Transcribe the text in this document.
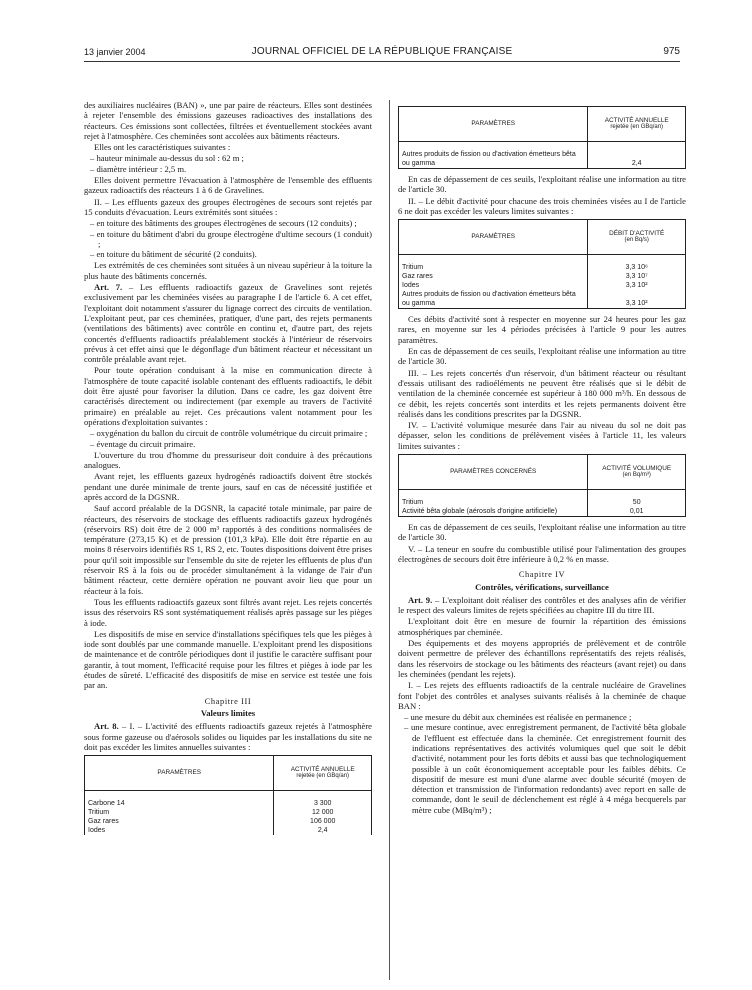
13 janvier 2004	JOURNAL OFFICIEL DE LA RÉPUBLIQUE FRANÇAISE	975

des auxiliaires nucléaires (BAN) », une par paire de réacteurs. Elles sont destinées à rejeter l'ensemble des émissions gazeuses radioactives des installations des réacteurs. Ces émissions sont collectées, filtrées et éventuellement stockées avant rejet à l'atmosphère. Ces cheminées sont accolées aux bâtiments réacteurs.

Elles ont les caractéristiques suivantes :

– hauteur minimale au-dessus du sol : 62 m ;
– diamètre intérieur : 2,5 m.

Elles doivent permettre l'évacuation à l'atmosphère de l'ensemble des effluents gazeux radioactifs des réacteurs 1 à 6 de Gravelines.

II. – Les effluents gazeux des groupes électrogènes de secours sont rejetés par 15 conduits d'évacuation. Leurs extrémités sont situées :

– en toiture des bâtiments des groupes électrogènes de secours (12 conduits) ;
– en toiture du bâtiment d'abri du groupe électrogène d'ultime secours (1 conduit) ;
– en toiture du bâtiment de sécurité (2 conduits).

Les extrémités de ces cheminées sont situées à un niveau supérieur à la toiture la plus haute des bâtiments concernés.

Art. 7. – Les effluents radioactifs gazeux de Gravelines sont rejetés exclusivement par les cheminées visées au paragraphe I de l'article 6. A cet effet, l'exploitant doit notamment s'assurer du lignage correct des circuits de ventilation. L'exploitant peut, par ces cheminées, pratiquer, d'une part, des rejets permanents (ventilations des bâtiments) avec contrôle en continu et, d'autre part, des rejets concertés d'effluents radioactifs préalablement stockés à l'intérieur de réservoirs prévus à cet effet ainsi que le dégonflage d'un bâtiment réacteur et nécessitant un contrôle préalable avant rejet.

Pour toute opération conduisant à la mise en communication directe à l'atmosphère de toute capacité isolable contenant des effluents radioactifs, le débit doit être ajusté pour favoriser la dilution. Dans ce cadre, les gaz doivent être caractérisés directement ou indirectement (par exemple au travers de l'activité primaire) en préalable au rejet. Ces précautions valent notamment pour les opérations d'exploitation suivantes :

– oxygénation du ballon du circuit de contrôle volumétrique du circuit primaire ;
– éventage du circuit primaire.

L'ouverture du trou d'homme du pressuriseur doit conduire à des précautions analogues.

Avant rejet, les effluents gazeux hydrogénés radioactifs doivent être stockés pendant une durée minimale de trente jours, sauf en cas de nécessité justifiée et après accord de la DGSNR.

Sauf accord préalable de la DGSNR, la capacité totale minimale, par paire de réacteurs, des réservoirs de stockage des effluents radioactifs gazeux hydrogénés (réservoirs RS) doit être de 2 000 m³ rapportés à des conditions normalisées de température (273,15 K) et de pression (101,3 kPa). Elle doit être répartie en au moins 8 réservoirs identifiés RS 1, RS 2, etc. Toutes dispositions doivent être prises pour qu'il soit impossible sur l'ensemble du site de rejeter les effluents de plus d'un réservoir RS à la fois ou de procéder simultanément à la vidange de l'air d'un bâtiment réacteur, cette dernière opération ne pouvant avoir lieu que pour un réacteur à la fois.

Tous les effluents radioactifs gazeux sont filtrés avant rejet. Les rejets concertés issus des réservoirs RS sont systématiquement réalisés après passage sur les pièges à iode.

Les dispositifs de mise en service d'installations spécifiques tels que les pièges à iode sont doublés par une commande manuelle. L'exploitant prend les dispositions de maintenance et de contrôle périodiques dont il justifie le caractère suffisant pour garantir, à tout moment, l'efficacité requise pour les filtres et pièges à iode par les études de sûreté. L'efficacité des dispositifs de mise en service est testée une fois par an.

Chapitre III
Valeurs limites

Art. 8. – I. – L'activité des effluents radioactifs gazeux rejetés à l'atmosphère sous forme gazeuse ou d'aérosols solides ou liquides par les installations du site ne doit pas excéder les limites annuelles suivantes :

PARAMÈTRES	ACTIVITÉ ANNUELLE
rejetée (en GBq/an)

Carbone 14	3 300
Tritium	12 000
Gaz rares	106 000
Iodes	2,4
PARAMÈTRES	ACTIVITÉ ANNUELLE
rejetée (en GBq/an)

Autres produits de fission ou d'activation émetteurs bêta ou gamma	2,4

En cas de dépassement de ces seuils, l'exploitant réalise une information au titre de l'article 30.

II. – Le débit d'activité pour chacune des trois cheminées visées au I de l'article 6 ne doit pas excéder les valeurs limites suivantes :

PARAMÈTRES	DÉBIT D'ACTIVITÉ
(en Bq/s)

Tritium	3,3 10⁶
Gaz rares	3,3 10⁷
Iodes	3,3 10²
Autres produits de fission ou d'activation émetteurs bêta ou gamma	3,3 10²

Ces débits d'activité sont à respecter en moyenne sur 24 heures pour les gaz rares, en moyenne sur les 4 périodes précisées à l'article 9 pour les autres paramètres.

En cas de dépassement de ces seuils, l'exploitant réalise une information au titre de l'article 30.

III. – Les rejets concertés d'un réservoir, d'un bâtiment réacteur ou résultant d'essais utilisant des radioéléments ne peuvent être réalisés que si le débit de ventilation de la cheminée concernée est supérieur à 180 000 m³/h. En dessous de ce débit, les rejets concertés sont interdits et les rejets permanents doivent être réalisés dans les conditions prescrites par la DGSNR.

IV. – L'activité volumique mesurée dans l'air au niveau du sol ne doit pas dépasser, selon les conditions de prélèvement visées à l'article 11, les valeurs limites suivantes :

PARAMÈTRES CONCERNÉS	ACTIVITÉ VOLUMIQUE
(en Bq/m³)

Tritium	50
Activité bêta globale (aérosols d'origine artificielle)	0,01

En cas de dépassement de ces seuils, l'exploitant réalise une information au titre de l'article 30.

V. – La teneur en soufre du combustible utilisé pour l'alimentation des groupes électrogènes de secours doit être inférieure à 0,2 % en masse.

Chapitre IV
Contrôles, vérifications, surveillance

Art. 9. – L'exploitant doit réaliser des contrôles et des analyses afin de vérifier le respect des valeurs limites de rejets spécifiées au chapitre III du titre III.

L'exploitant doit être en mesure de fournir la répartition des émissions atmosphériques par cheminée.

Des équipements et des moyens appropriés de prélèvement et de contrôle doivent permettre de prélever des échantillons représentatifs des rejets réalisés, dans les réservoirs de stockage ou les bâtiments des réacteurs (avant rejet) ou dans les cheminées (pendant les rejets).

I. – Les rejets des effluents radioactifs de la centrale nucléaire de Gravelines font l'objet des contrôles et analyses suivants réalisés à la cheminée de chaque BAN :

– une mesure du débit aux cheminées est réalisée en permanence ;
– une mesure continue, avec enregistrement permanent, de l'activité bêta globale de l'effluent est effectuée dans la cheminée. Cet enregistrement fournit des indications représentatives des activités volumiques quel que soit le débit d'activité, notamment pour les forts débits et aussi bas que technologiquement possible à un coût économiquement acceptable pour les faibles débits. Ce dispositif de mesure est muni d'une alarme avec double sécurité (moyen de détection et transmission de l'information redondants) avec report en salle de commande, dont le seuil de déclenchement est réglé à 4 méga becquerels par mètre cube (MBq/m³) ;
